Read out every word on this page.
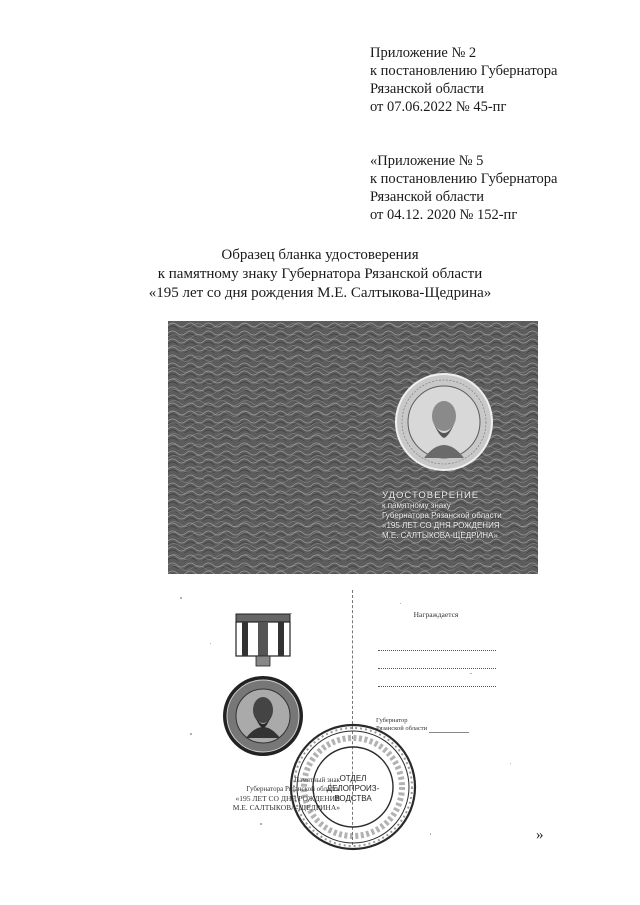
Приложение № 2
к постановлению Губернатора
Рязанской области
от 07.06.2022 № 45-пг
«Приложение № 5
к постановлению Губернатора
Рязанской области
от 04.12. 2020 № 152-пг
Образец бланка удостоверения
к памятному знаку Губернатора Рязанской области
«195 лет со дня рождения М.Е. Салтыкова-Щедрина»
УДОСТОВЕРЕНИЕ
к памятному знаку
Губернатора Рязанской области
«195 ЛЕТ СО ДНЯ РОЖДЕНИЯ
М.Е. САЛТЫКОВА-ЩЕДРИНА»
Памятный знак
Губернатора Рязанской области
«195 ЛЕТ СО ДНЯ РОЖДЕНИЯ
М.Е. САЛТЫКОВА-ЩЕДРИНА»
Награждается
Губернатор
Рязанской области
ОТДЕЛ
ДЕЛОПРОИЗ-
ВОДСТВА
»
